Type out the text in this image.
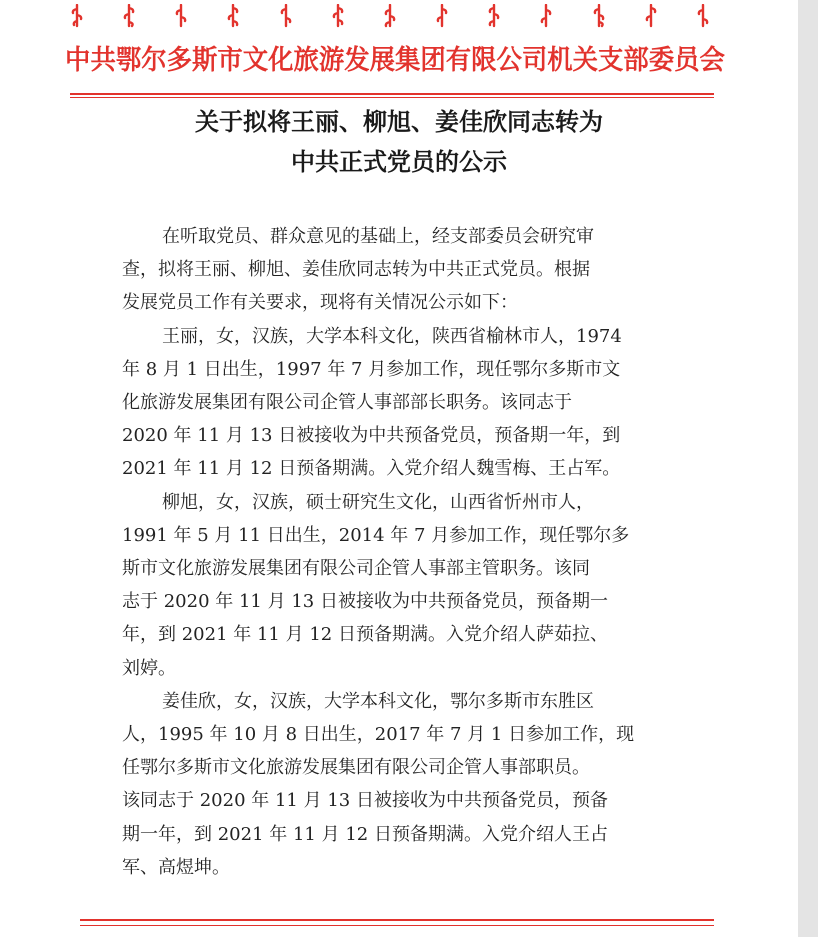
中共鄂尔多斯市文化旅游发展集团有限公司机关支部委员会
关于拟将王丽、柳旭、姜佳欣同志转为
中共正式党员的公示

在听取党员、群众意见的基础上，经支部委员会研究审
查，拟将王丽、柳旭、姜佳欣同志转为中共正式党员。根据
发展党员工作有关要求，现将有关情况公示如下：

王丽，女，汉族，大学本科文化，陕西省榆林市人，1974
年 8 月 1 日出生，1997 年 7 月参加工作，现任鄂尔多斯市文
化旅游发展集团有限公司企管人事部部长职务。该同志于
2020 年 11 月 13 日被接收为中共预备党员，预备期一年，到
2021 年 11 月 12 日预备期满。入党介绍人魏雪梅、王占军。

柳旭，女，汉族，硕士研究生文化，山西省忻州市人，
1991 年 5 月 11 日出生，2014 年 7 月参加工作，现任鄂尔多
斯市文化旅游发展集团有限公司企管人事部主管职务。该同
志于 2020 年 11 月 13 日被接收为中共预备党员，预备期一
年，到 2021 年 11 月 12 日预备期满。入党介绍人萨茹拉、
刘婷。

姜佳欣，女，汉族，大学本科文化，鄂尔多斯市东胜区
人，1995 年 10 月 8 日出生，2017 年 7 月 1 日参加工作，现
任鄂尔多斯市文化旅游发展集团有限公司企管人事部职员。
该同志于 2020 年 11 月 13 日被接收为中共预备党员，预备
期一年，到 2021 年 11 月 12 日预备期满。入党介绍人王占
军、高煜坤。
